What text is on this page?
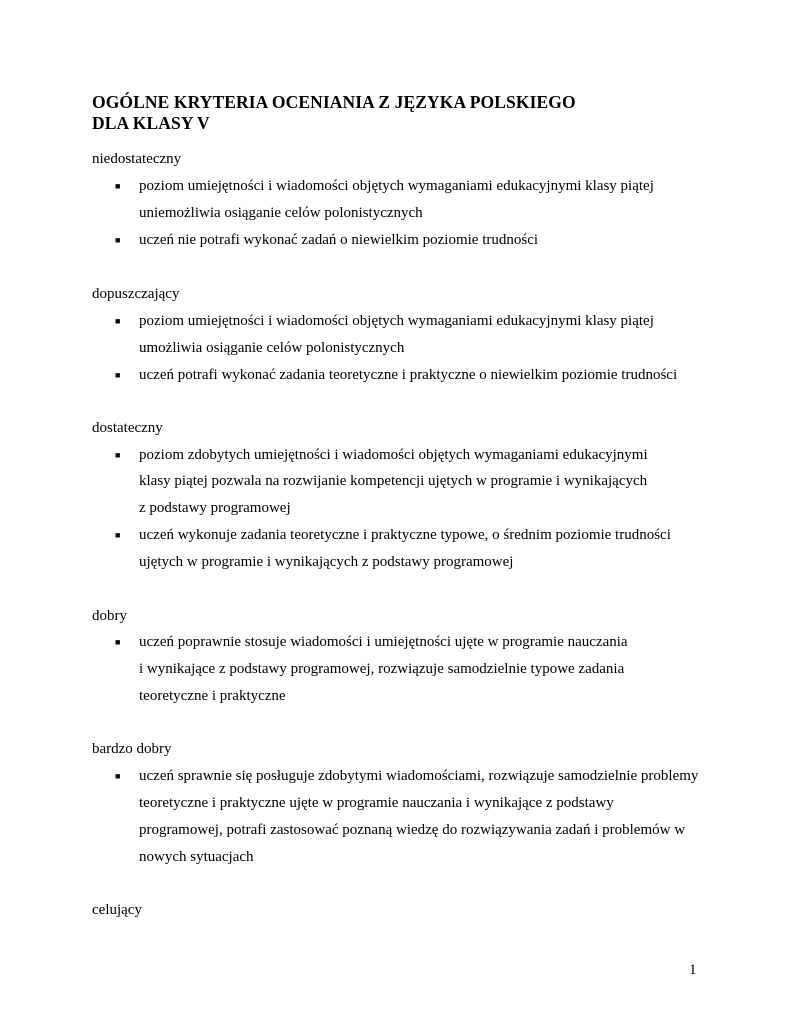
OGÓLNE KRYTERIA OCENIANIA Z JĘZYKA POLSKIEGO
DLA KLASY V
niedostateczny
■ poziom umiejętności i wiadomości objętych wymaganiami edukacyjnymi klasy piątej
uniemożliwia osiąganie celów polonistycznych
■ uczeń nie potrafi wykonać zadań o niewielkim poziomie trudności
dopuszczający
■ poziom umiejętności i wiadomości objętych wymaganiami edukacyjnymi klasy piątej
umożliwia osiąganie celów polonistycznych
■ uczeń potrafi wykonać zadania teoretyczne i praktyczne o niewielkim poziomie trudności
dostateczny
■ poziom zdobytych umiejętności i wiadomości objętych wymaganiami edukacyjnymi
klasy piątej pozwala na rozwijanie kompetencji ujętych w programie i wynikających
z podstawy programowej
■ uczeń wykonuje zadania teoretyczne i praktyczne typowe, o średnim poziomie trudności
ujętych w programie i wynikających z podstawy programowej
dobry
■ uczeń poprawnie stosuje wiadomości i umiejętności ujęte w programie nauczania
i wynikające z podstawy programowej, rozwiązuje samodzielnie typowe zadania
teoretyczne i praktyczne
bardzo dobry
■ uczeń sprawnie się posługuje zdobytymi wiadomościami, rozwiązuje samodzielnie problemy
teoretyczne i praktyczne ujęte w programie nauczania i wynikające z podstawy
programowej, potrafi zastosować poznaną wiedzę do rozwiązywania zadań i problemów w
nowych sytuacjach
celujący
1
